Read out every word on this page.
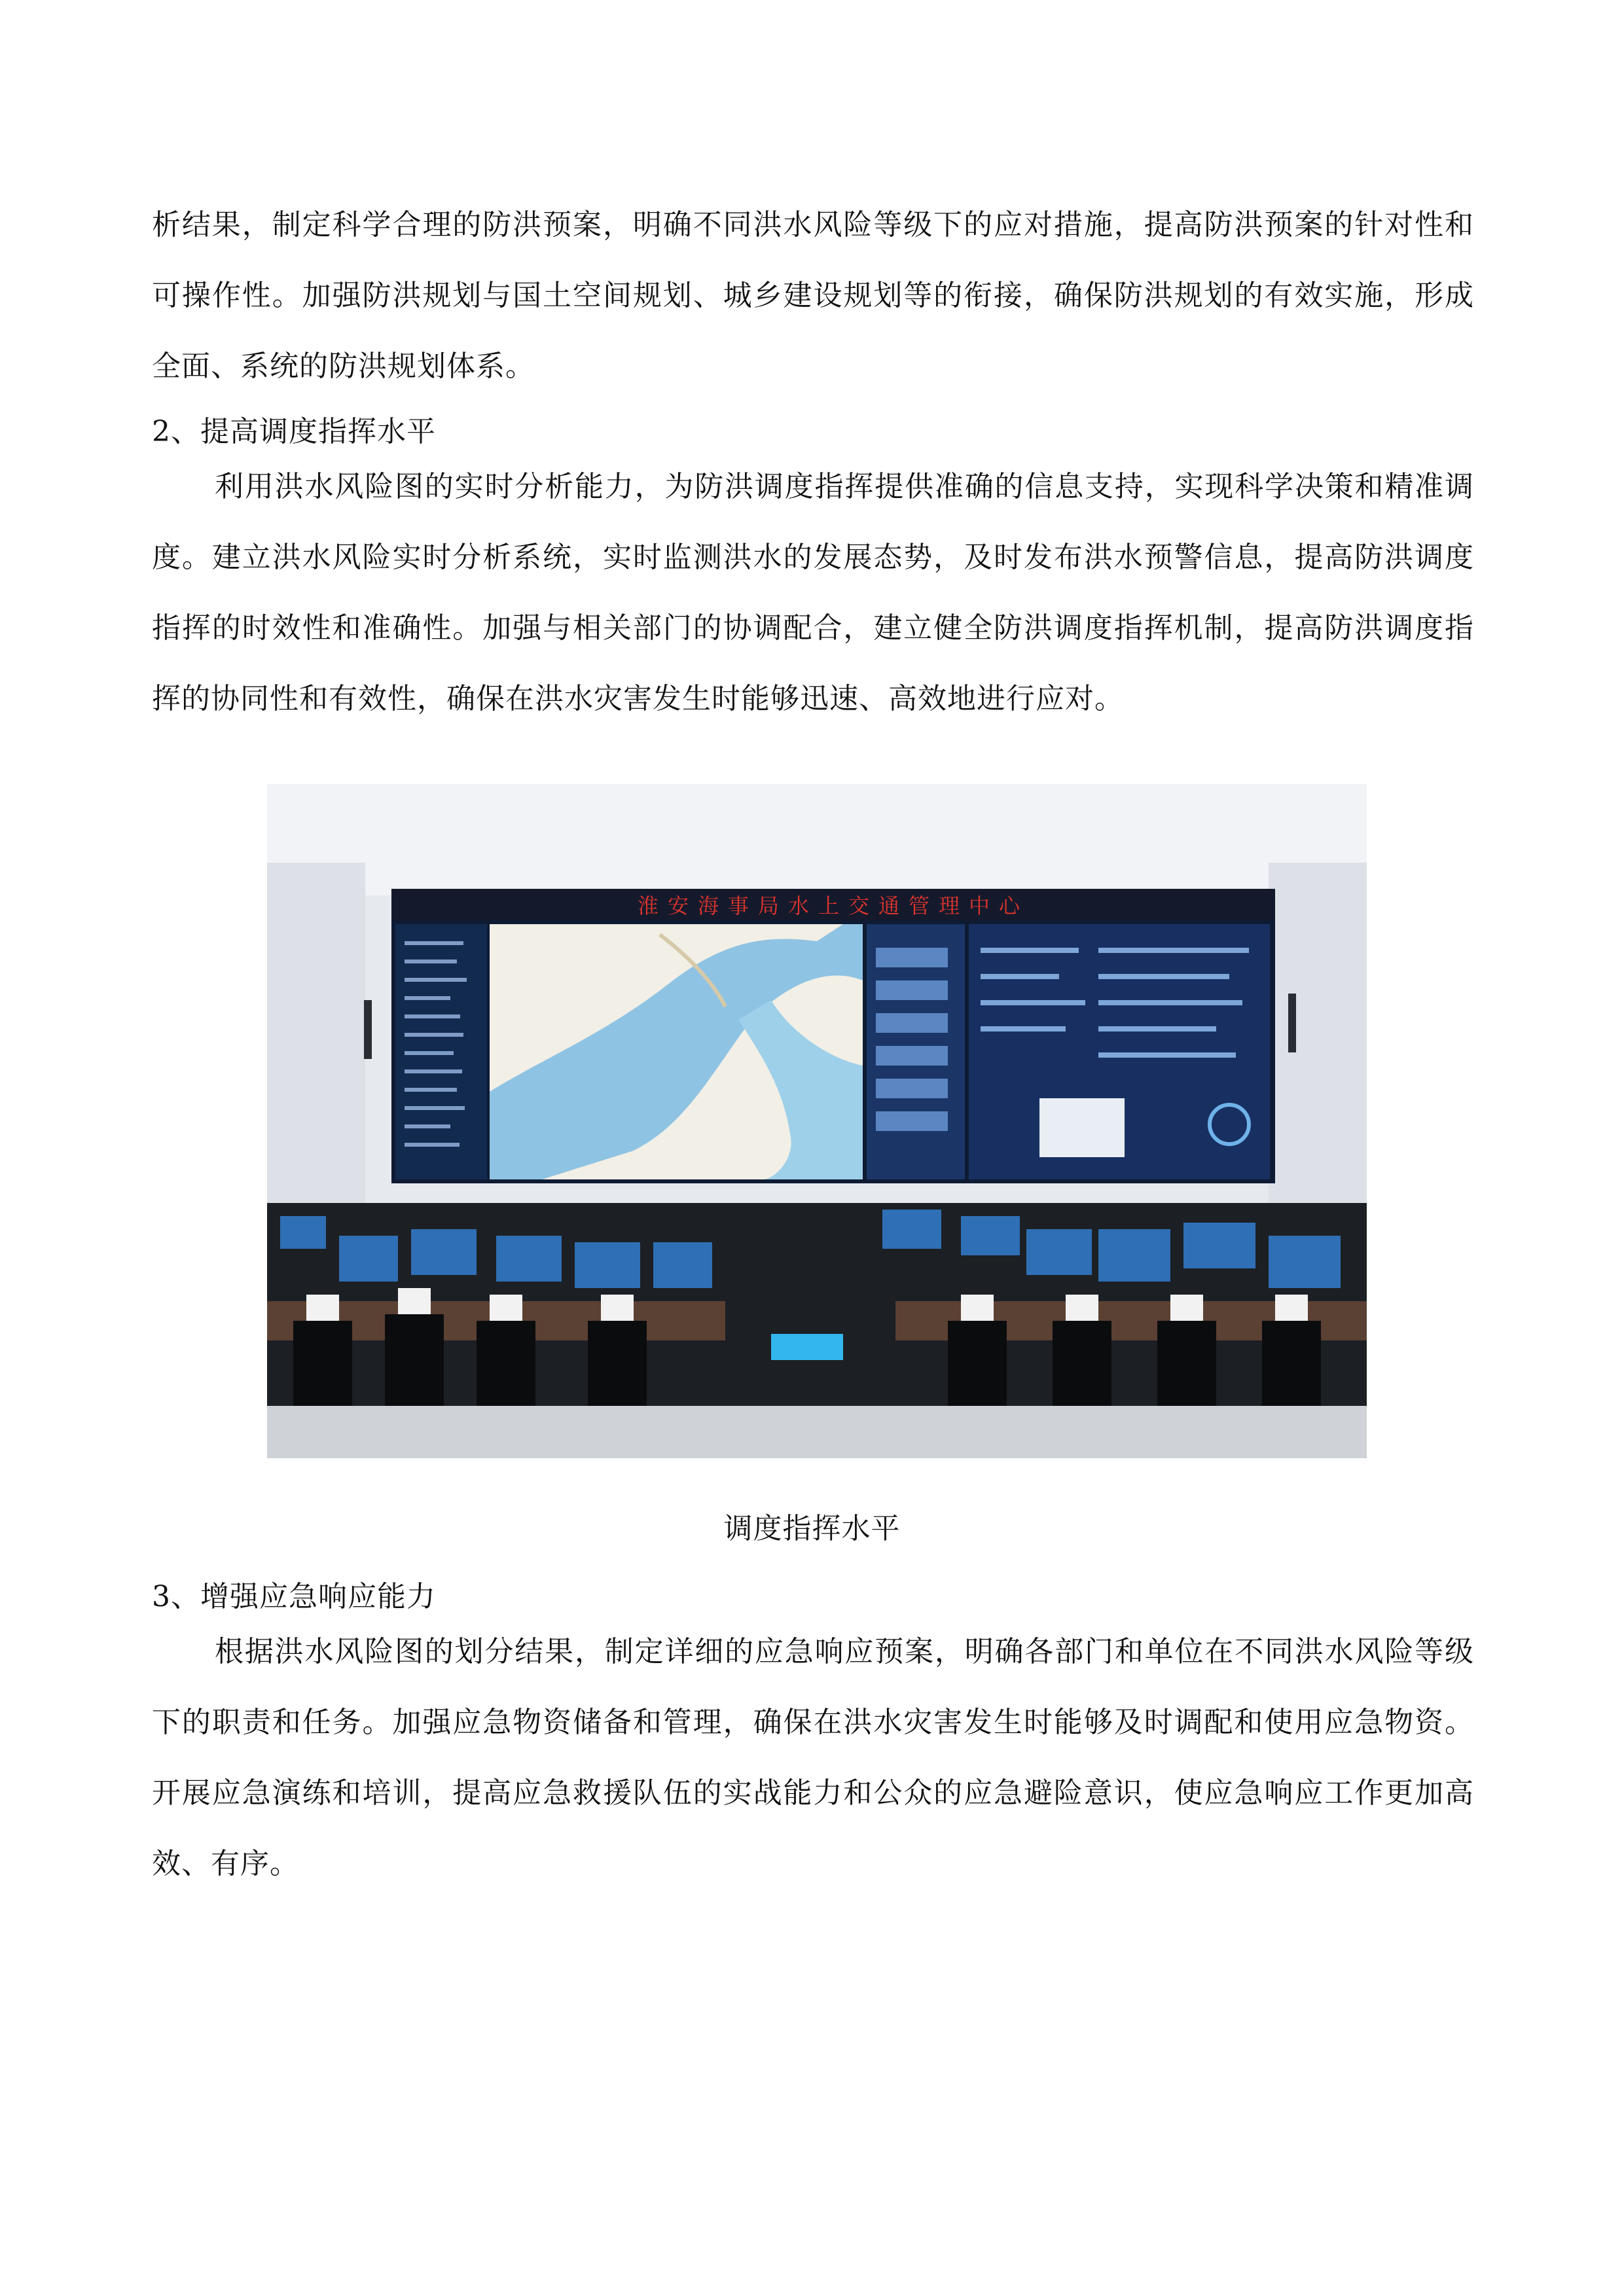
析结果，制定科学合理的防洪预案，明确不同洪水风险等级下的应对措施，提高防洪预案的针对性和可操作性。加强防洪规划与国土空间规划、城乡建设规划等的衔接，确保防洪规划的有效实施，形成全面、系统的防洪规划体系。

2、提高调度指挥水平

利用洪水风险图的实时分析能力，为防洪调度指挥提供准确的信息支持，实现科学决策和精准调度。建立洪水风险实时分析系统，实时监测洪水的发展态势，及时发布洪水预警信息，提高防洪调度指挥的时效性和准确性。加强与相关部门的协调配合，建立健全防洪调度指挥机制，提高防洪调度指挥的协同性和有效性，确保在洪水灾害发生时能够迅速、高效地进行应对。

淮安海事局水上交通管理中心

调度指挥水平

3、增强应急响应能力

根据洪水风险图的划分结果，制定详细的应急响应预案，明确各部门和单位在不同洪水风险等级下的职责和任务。加强应急物资储备和管理，确保在洪水灾害发生时能够及时调配和使用应急物资。开展应急演练和培训，提高应急救援队伍的实战能力和公众的应急避险意识，使应急响应工作更加高效、有序。
